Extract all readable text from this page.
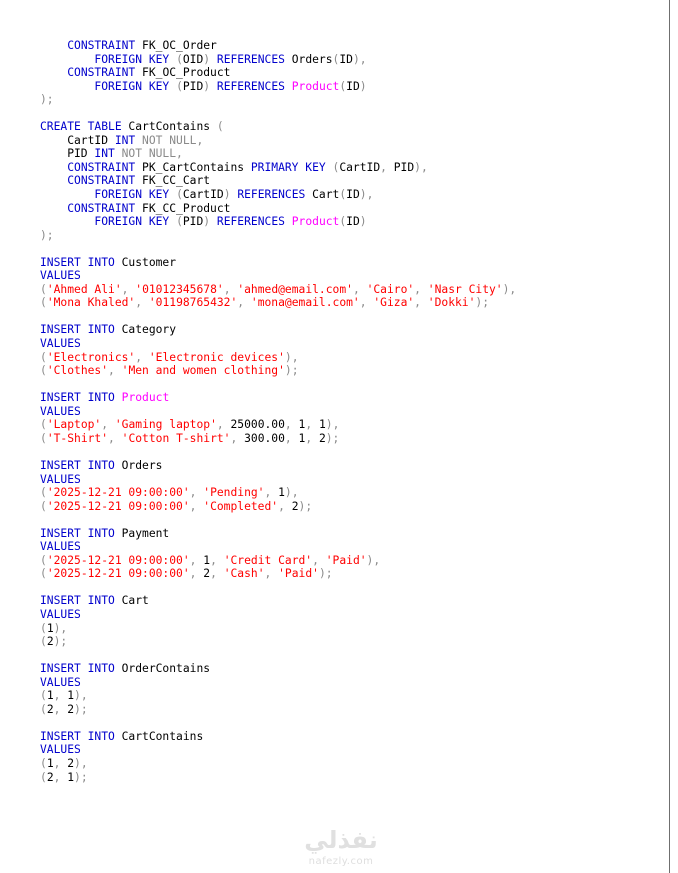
CONSTRAINT FK_OC_Order
FOREIGN KEY (OID) REFERENCES Orders(ID),
CONSTRAINT FK_OC_Product
FOREIGN KEY (PID) REFERENCES Product(ID)
);

CREATE TABLE CartContains (
CartID INT NOT NULL,
PID INT NOT NULL,
CONSTRAINT PK_CartContains PRIMARY KEY (CartID, PID),
CONSTRAINT FK_CC_Cart
FOREIGN KEY (CartID) REFERENCES Cart(ID),
CONSTRAINT FK_CC_Product
FOREIGN KEY (PID) REFERENCES Product(ID)
);

INSERT INTO Customer
VALUES
('Ahmed Ali', '01012345678', 'ahmed@email.com', 'Cairo', 'Nasr City'),
('Mona Khaled', '01198765432', 'mona@email.com', 'Giza', 'Dokki');

INSERT INTO Category
VALUES
('Electronics', 'Electronic devices'),
('Clothes', 'Men and women clothing');

INSERT INTO Product
VALUES
('Laptop', 'Gaming laptop', 25000.00, 1, 1),
('T-Shirt', 'Cotton T-shirt', 300.00, 1, 2);

INSERT INTO Orders
VALUES
('2025-12-21 09:00:00', 'Pending', 1),
('2025-12-21 09:00:00', 'Completed', 2);

INSERT INTO Payment
VALUES
('2025-12-21 09:00:00', 1, 'Credit Card', 'Paid'),
('2025-12-21 09:00:00', 2, 'Cash', 'Paid');

INSERT INTO Cart
VALUES
(1),
(2);

INSERT INTO OrderContains
VALUES
(1, 1),
(2, 2);

INSERT INTO CartContains
VALUES
(1, 2),
(2, 1);
نفذلي
nafezly.com
